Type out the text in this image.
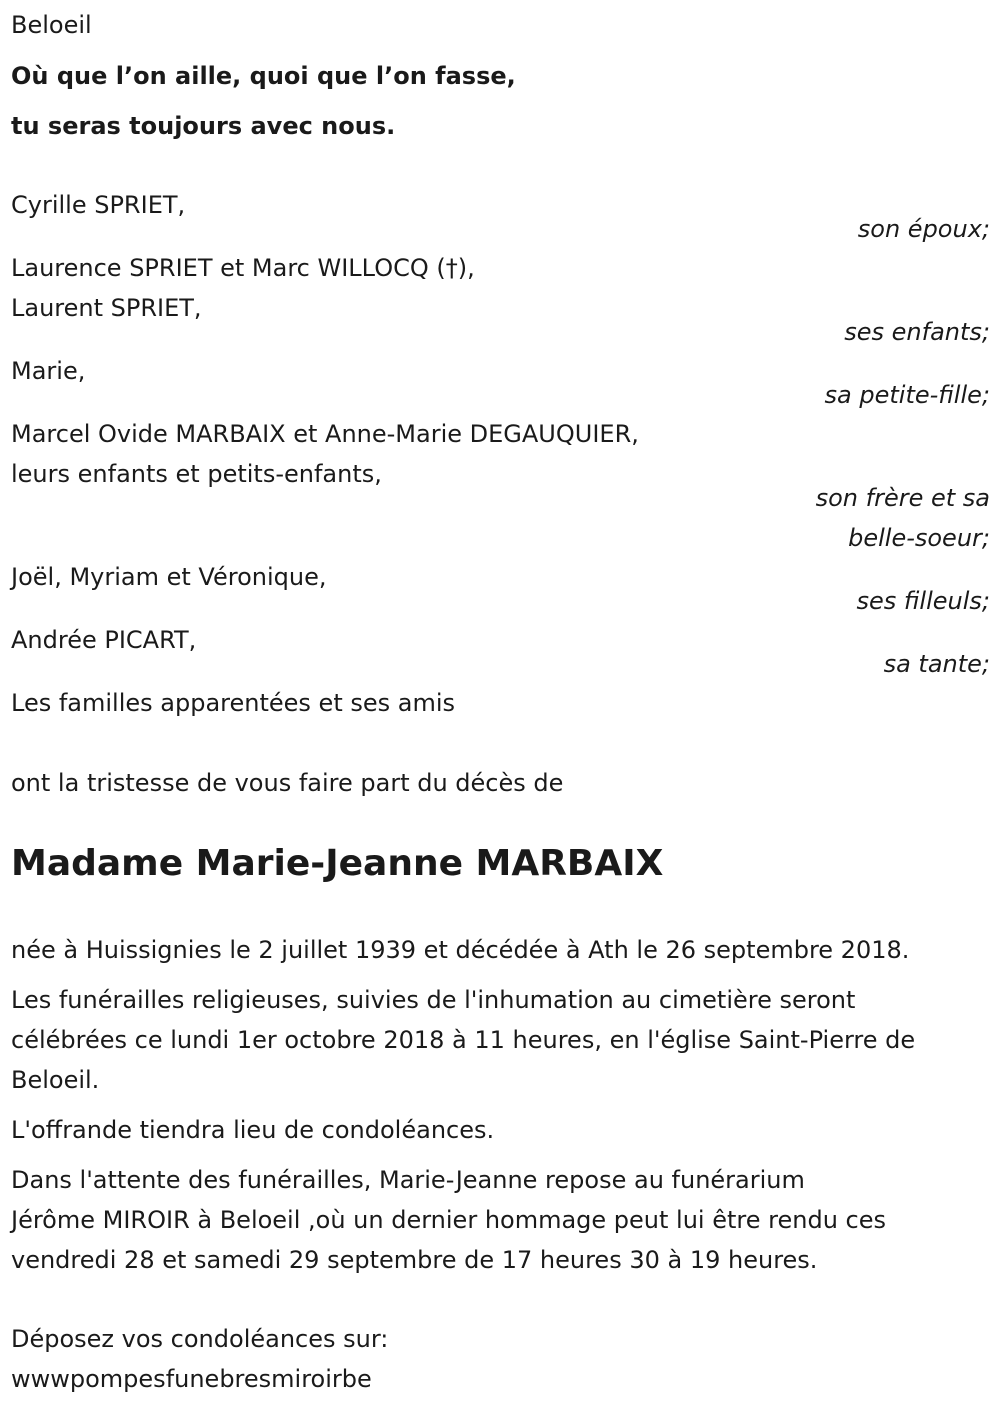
Beloeil
Où que l’on aille, quoi que l’on fasse,
tu seras toujours avec nous.
Cyrille SPRIET,
son époux;
Laurence SPRIET et Marc WILLOCQ (†),
Laurent SPRIET,
ses enfants;
Marie,
sa petite-fille;
Marcel Ovide MARBAIX et Anne-Marie DEGAUQUIER,
leurs enfants et petits-enfants,
son frère et sa
belle-soeur;
Joël, Myriam et Véronique,
ses filleuls;
Andrée PICART,
sa tante;
Les familles apparentées et ses amis
ont la tristesse de vous faire part du décès de
Madame Marie-Jeanne MARBAIX
née à Huissignies le 2 juillet 1939 et décédée à Ath le 26 septembre 2018.
Les funérailles religieuses, suivies de l'inhumation au cimetière seront
célébrées ce lundi 1er octobre 2018 à 11 heures, en l'église Saint-Pierre de
Beloeil.
L'offrande tiendra lieu de condoléances.
Dans l'attente des funérailles, Marie-Jeanne repose au funérarium
Jérôme MIROIR à Beloeil ,où un dernier hommage peut lui être rendu ces
vendredi 28 et samedi 29 septembre de 17 heures 30 à 19 heures.
Déposez vos condoléances sur:
wwwpompesfunebresmiroirbe
